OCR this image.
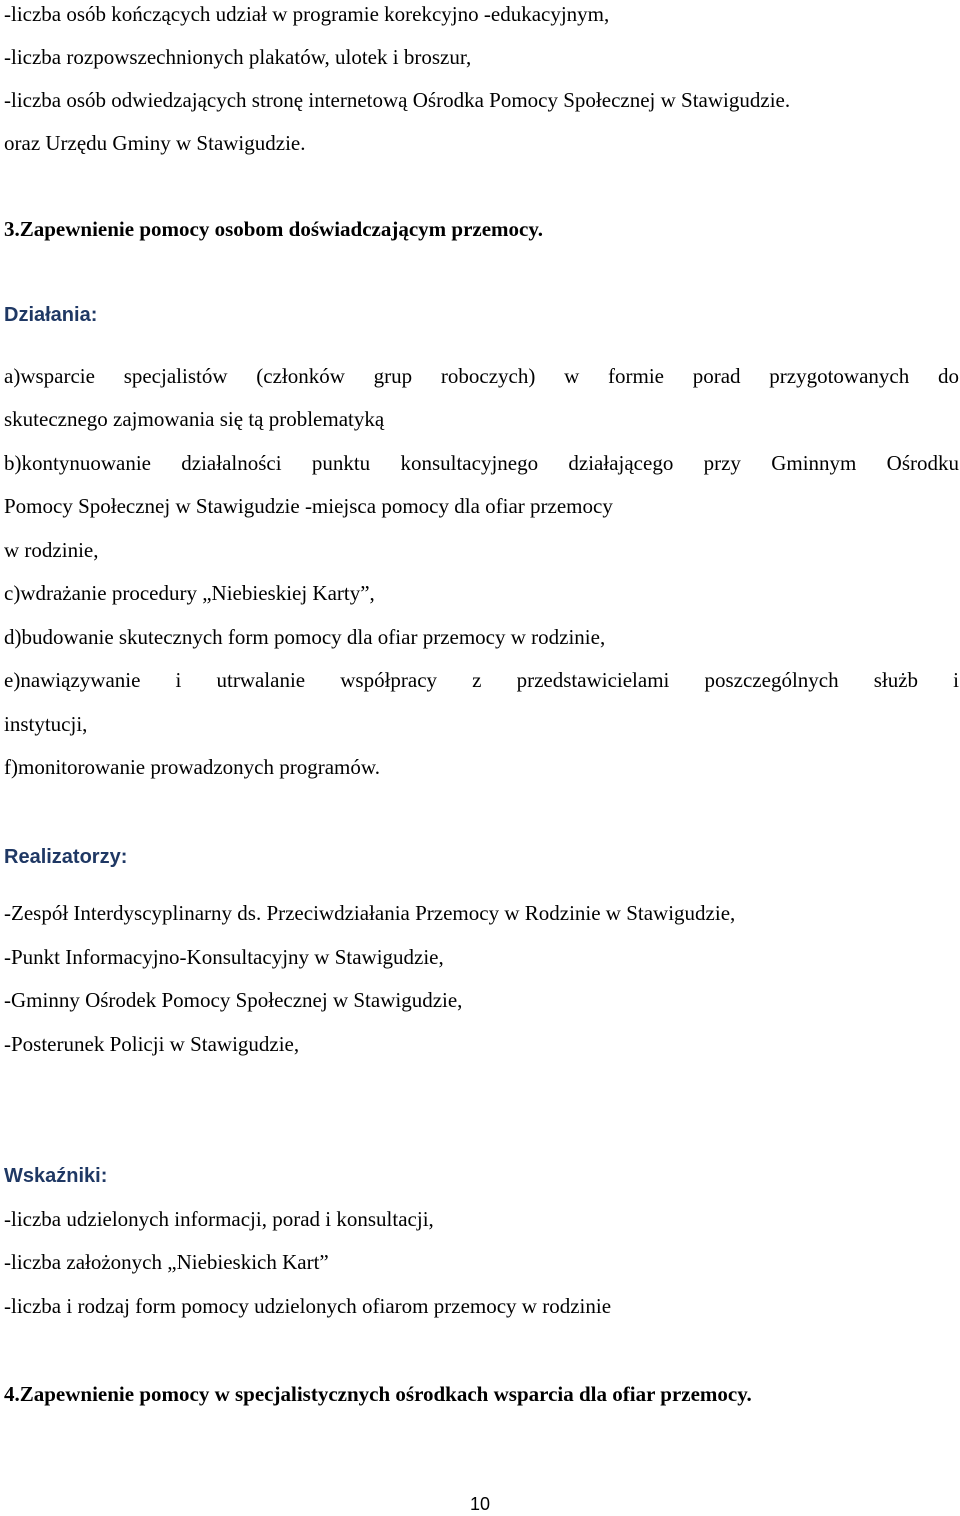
-liczba osób kończących udział w programie korekcyjno -edukacyjnym,
-liczba rozpowszechnionych plakatów, ulotek i broszur,
-liczba osób odwiedzających stronę internetową Ośrodka Pomocy Społecznej w Stawigudzie.
oraz Urzędu Gminy w Stawigudzie.
3.Zapewnienie pomocy osobom doświadczającym przemocy.
Działania:
a)wsparcie specjalistów (członków grup roboczych) w formie porad przygotowanych do
skutecznego zajmowania się tą problematyką
b)kontynuowanie działalności punktu konsultacyjnego działającego przy Gminnym Ośrodku
Pomocy Społecznej w Stawigudzie -miejsca pomocy dla ofiar przemocy
w rodzinie,
c)wdrażanie procedury „Niebieskiej Karty”,
d)budowanie skutecznych form pomocy dla ofiar przemocy w rodzinie,
e)nawiązywanie i utrwalanie współpracy z przedstawicielami poszczególnych służb i
instytucji,
f)monitorowanie prowadzonych programów.
Realizatorzy:
-Zespół Interdyscyplinarny ds. Przeciwdziałania Przemocy w Rodzinie w Stawigudzie,
-Punkt Informacyjno-Konsultacyjny w Stawigudzie,
-Gminny Ośrodek Pomocy Społecznej w Stawigudzie,
-Posterunek Policji w Stawigudzie,
Wskaźniki:
-liczba udzielonych informacji, porad i konsultacji,
-liczba założonych „Niebieskich Kart”
-liczba i rodzaj form pomocy udzielonych ofiarom przemocy w rodzinie
4.Zapewnienie pomocy w specjalistycznych ośrodkach wsparcia dla ofiar przemocy.
10
